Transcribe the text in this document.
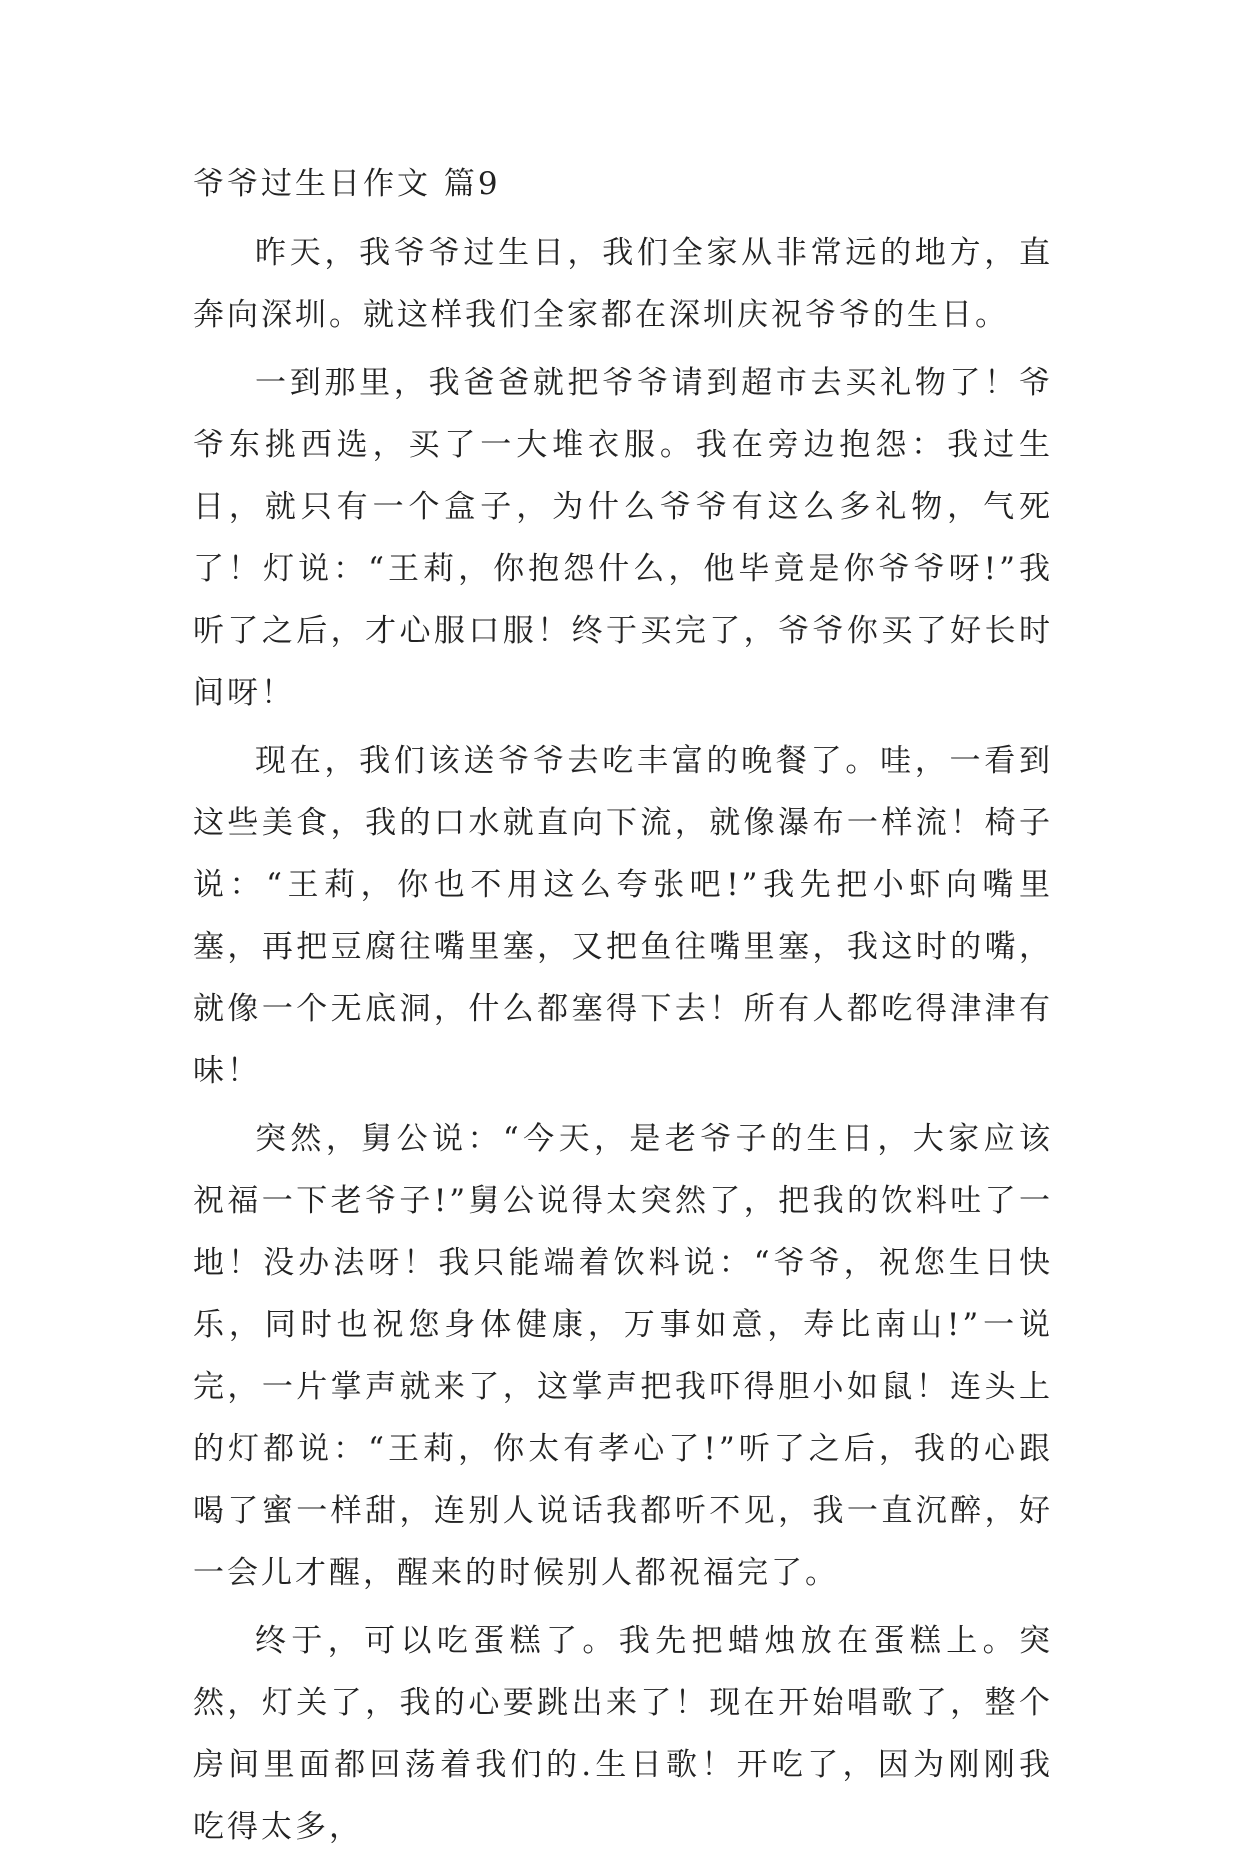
爷爷过生日作文 篇9

昨天，我爷爷过生日，我们全家从非常远的地方，直奔向深圳。就这样我们全家都在深圳庆祝爷爷的生日。

一到那里，我爸爸就把爷爷请到超市去买礼物了！爷爷东挑西选，买了一大堆衣服。我在旁边抱怨：我过生日，就只有一个盒子，为什么爷爷有这么多礼物，气死了！灯说：“王莉，你抱怨什么，他毕竟是你爷爷呀!”我听了之后，才心服口服！终于买完了，爷爷你买了好长时间呀！

现在，我们该送爷爷去吃丰富的晚餐了。哇，一看到这些美食，我的口水就直向下流，就像瀑布一样流！椅子说：“王莉，你也不用这么夸张吧!”我先把小虾向嘴里塞，再把豆腐往嘴里塞，又把鱼往嘴里塞，我这时的嘴，就像一个无底洞，什么都塞得下去！所有人都吃得津津有味！

突然，舅公说：“今天，是老爷子的生日，大家应该祝福一下老爷子!”舅公说得太突然了，把我的饮料吐了一地！没办法呀！我只能端着饮料说：“爷爷，祝您生日快乐，同时也祝您身体健康，万事如意，寿比南山!”一说完，一片掌声就来了，这掌声把我吓得胆小如鼠！连头上的灯都说：“王莉，你太有孝心了!”听了之后，我的心跟喝了蜜一样甜，连别人说话我都听不见，我一直沉醉，好一会儿才醒，醒来的时候别人都祝福完了。

终于，可以吃蛋糕了。我先把蜡烛放在蛋糕上。突然，灯关了，我的心要跳出来了！现在开始唱歌了，整个房间里面都回荡着我们的.生日歌！开吃了，因为刚刚我吃得太多，
